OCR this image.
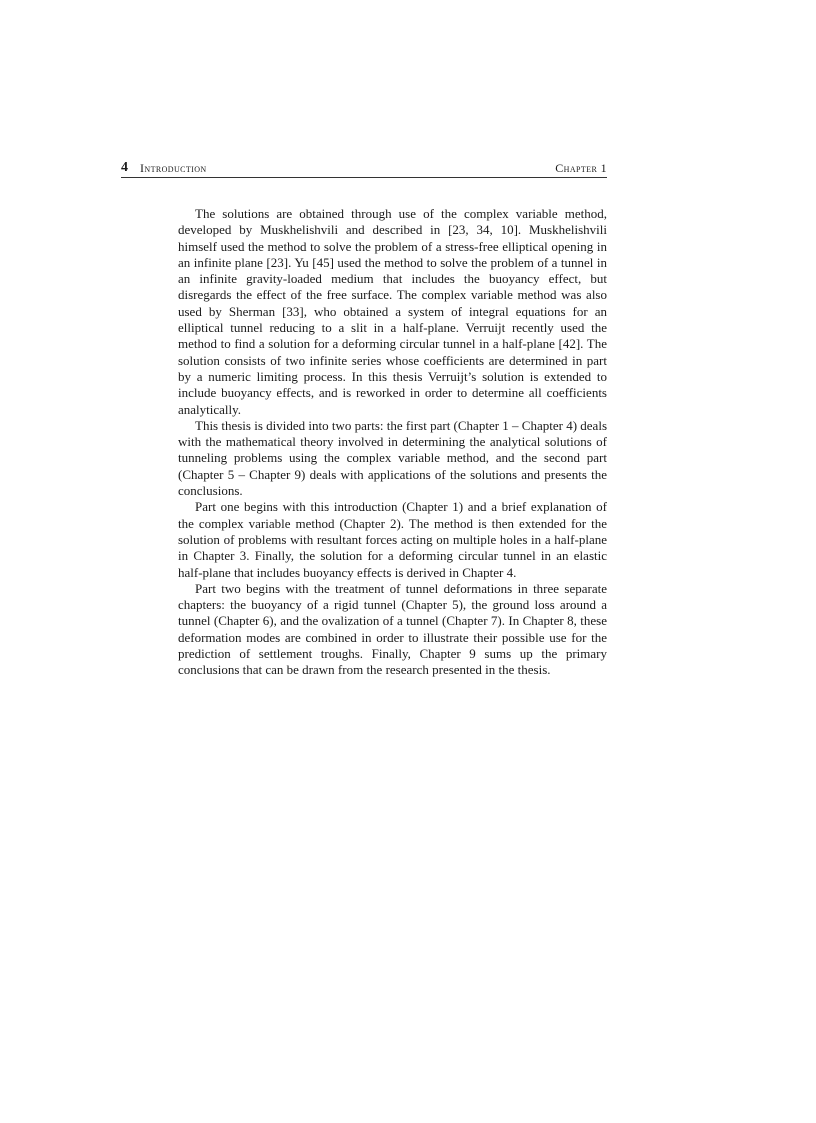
4 Introduction	Chapter 1

The solutions are obtained through use of the complex variable method, developed by Muskhelishvili and described in [23, 34, 10]. Muskhelishvili himself used the method to solve the problem of a stress-free elliptical opening in an infinite plane [23]. Yu [45] used the method to solve the problem of a tunnel in an infinite gravity-loaded medium that includes the buoyancy effect, but disregards the effect of the free surface. The complex variable method was also used by Sherman [33], who obtained a system of integral equations for an elliptical tunnel reducing to a slit in a half-plane. Verruijt recently used the method to find a solution for a deforming circular tunnel in a half-plane [42]. The solution consists of two infinite series whose coefficients are determined in part by a numeric limiting process. In this thesis Verruijt’s solution is extended to include buoyancy effects, and is reworked in order to determine all coefficients analytically.

This thesis is divided into two parts: the first part (Chapter 1 – Chapter 4) deals with the mathematical theory involved in determining the analytical solutions of tunneling problems using the complex variable method, and the second part (Chapter 5 – Chapter 9) deals with applications of the solutions and presents the conclusions.

Part one begins with this introduction (Chapter 1) and a brief explanation of the complex variable method (Chapter 2). The method is then extended for the solution of problems with resultant forces acting on multiple holes in a half-plane in Chapter 3. Finally, the solution for a deforming circular tunnel in an elastic half-plane that includes buoyancy effects is derived in Chapter 4.

Part two begins with the treatment of tunnel deformations in three separate chapters: the buoyancy of a rigid tunnel (Chapter 5), the ground loss around a tunnel (Chapter 6), and the ovalization of a tunnel (Chapter 7). In Chapter 8, these deformation modes are combined in order to illustrate their possible use for the prediction of settlement troughs. Finally, Chapter 9 sums up the primary conclusions that can be drawn from the research presented in the thesis.
